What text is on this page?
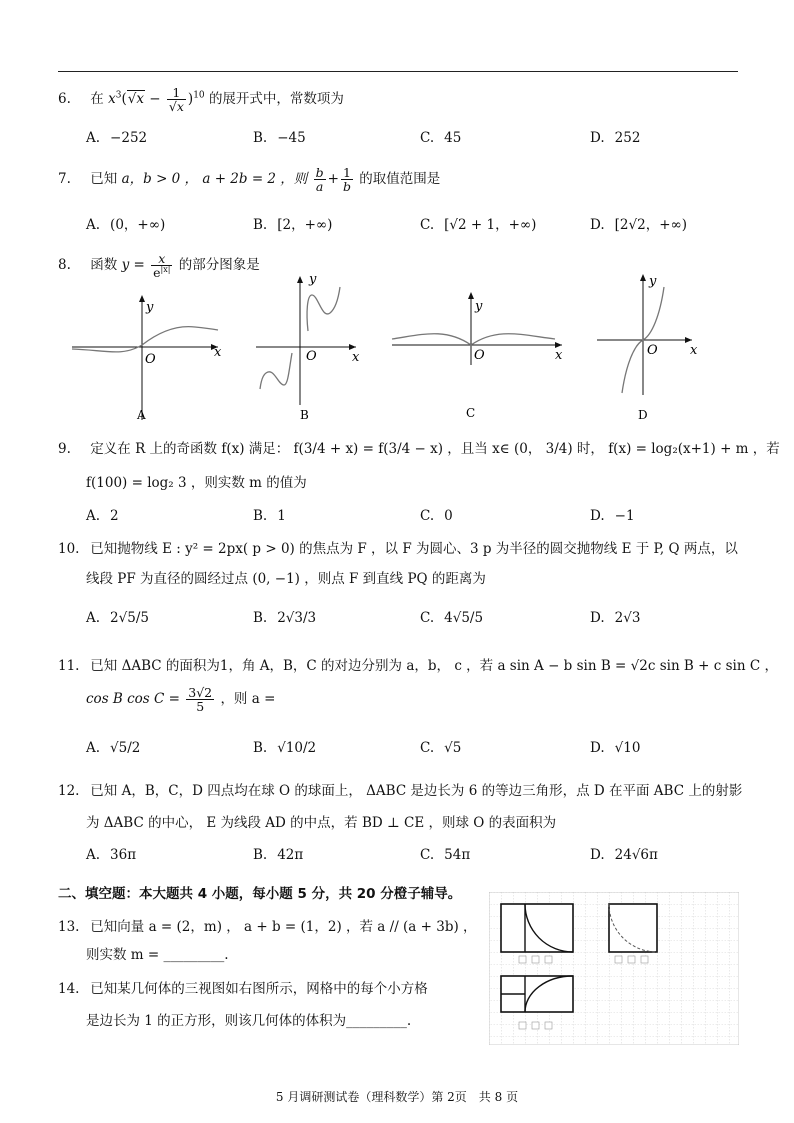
6. 在 $x^3(√x - \frac{1}{√x} )^{10}$ 的展开式中，常数项为
A. −252	B. −45	C. 45	D. 252
7. 已知 a，b > 0 ， a + 2b = 2 ，则 $\frac{b}{a} + \frac{1}{b}$ 的取值范围是
A. (0，+∞)	B. [2，+∞)	C. [√2 + 1，+∞)	D. [2√2，+∞)
8. 函数 $y = \frac{x}{e^{|x|}}$ 的部分图象是
y
O	x
A
y
O	x
B
y
O	x
C
y
O x
D
9. 定义在 R 上的奇函数 f(x) 满足： f(3/4 + x) = f(3/4 − x) ，且当 x∈ (0， 3/4) 时， f(x) = log₂(x+1) + m ，若
f(100) = log₂ 3 ，则实数 m 的值为
A. 2	B. 1	C. 0	D. −1
10. 已知抛物线 E : y² = 2px( p > 0) 的焦点为 F ，以 F 为圆心、3 p 为半径的圆交抛物线 E 于 P, Q 两点，以
线段 PF 为直径的圆经过点 (0, −1) ，则点 F 到直线 PQ 的距离为
A. 2√5/5	B. 2√3/3	C. 4√5/5	D. 2√3
11. 已知 ΔABC 的面积为1，角 A，B，C 的对边分别为 a，b， c ，若 a sin A − b sin B = √2c sin B + c sin C ，
cos B $\cos C = \frac{3√2}{5}$ ，则 a =
A. √5/2	B. √10/2	C. √5	D. √10
12. 已知 A，B，C，D 四点均在球 O 的球面上， ΔABC 是边长为 6 的等边三角形，点 D 在平面 ABC 上的射影
为 ΔABC 的中心， E 为线段 AD 的中点，若 BD ⊥ CE ，则球 O 的表面积为
A. 36π	B. 42π	C. 54π	D. 24√6π
二、填空题：本大题共 4 小题，每小题 5 分，共 20 分橙子辅导。
13. 已知向量 a = (2，m) ， a + b = (1，2) ，若 a // (a + 3b) ，
则实数 m = _________.
14. 已知某几何体的三视图如右图所示，网格中的每个小方格
是边长为 1 的正方形，则该几何体的体积为_________.
5 月调研测试卷（理科数学）第 2页　共 8 页
